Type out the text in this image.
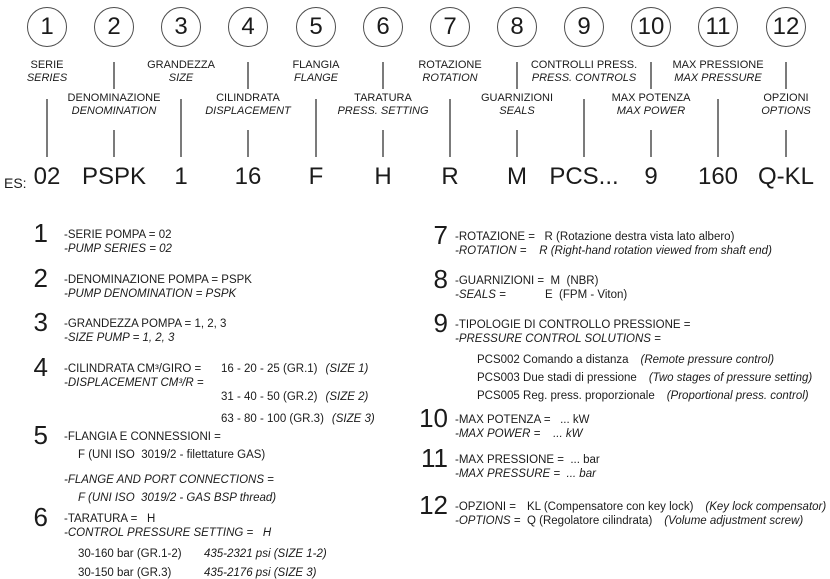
1 2 3 4 5 6 7 8 9 10 11 12
SERIE
SERIES
GRANDEZZA
SIZE
FLANGIA
FLANGE
ROTAZIONE
ROTATION
CONTROLLI PRESS.
PRESS. CONTROLS
MAX PRESSIONE
MAX PRESSURE
DENOMINAZIONE
DENOMINATION
CILINDRATA
DISPLACEMENT
TARATURA
PRESS. SETTING
GUARNIZIONI
SEALS
MAX POTENZA
MAX POWER
OPZIONI
OPTIONS
ES: 02 PSPK	1	16	F	H	R	M PCS...	9	160 Q-KL
1 -SERIE POMPA = 02
-PUMP SERIES = 02
2 -DENOMINAZIONE POMPA = PSPK
-PUMP DENOMINATION = PSPK
3 -GRANDEZZA POMPA = 1, 2, 3
-SIZE PUMP = 1, 2, 3
4 -CILINDRATA CM³/GIRO =
-DISPLACEMENT CM³/R =
16 - 20 - 25 (GR.1) (SIZE 1)
31 - 40 - 50 (GR.2) (SIZE 2)
63 - 80 - 100 (GR.3) (SIZE 3)
5 -FLANGIA E CONNESSIONI =
F (UNI ISO  3019/2 - filettature GAS)
-FLANGE AND PORT CONNECTIONS =
F (UNI ISO  3019/2 - GAS BSP thread)
6 -TARATURA =   H
-CONTROL PRESSURE SETTING =   H
30-160 bar (GR.1-2) 435-2321 psi (SIZE 1-2)
30-150 bar (GR.3)	435-2176 psi (SIZE 3)
7 -ROTAZIONE =   R (Rotazione destra vista lato albero)
-ROTATION =    R (Right-hand rotation viewed from shaft end)
8 -GUARNIZIONI =  M  (NBR)
-SEALS =	E  (FPM - Viton)
9 -TIPOLOGIE DI CONTROLLO PRESSIONE =
-PRESSURE CONTROL SOLUTIONS =
PCS002 Comando a distanza (Remote pressure control)
PCS003 Due stadi di pressione (Two stages of pressure setting)
PCS005 Reg. press. proporzionale (Proportional press. control)
10 -MAX POTENZA =   ... kW
-MAX POWER =    ... kW
11 -MAX PRESSIONE =  ... bar
-MAX PRESSURE =  ... bar
12 -OPZIONI = KL (Compensatore con key lock) (Key lock compensator)
-OPTIONS = Q (Regolatore cilindrata) (Volume adjustment screw)
